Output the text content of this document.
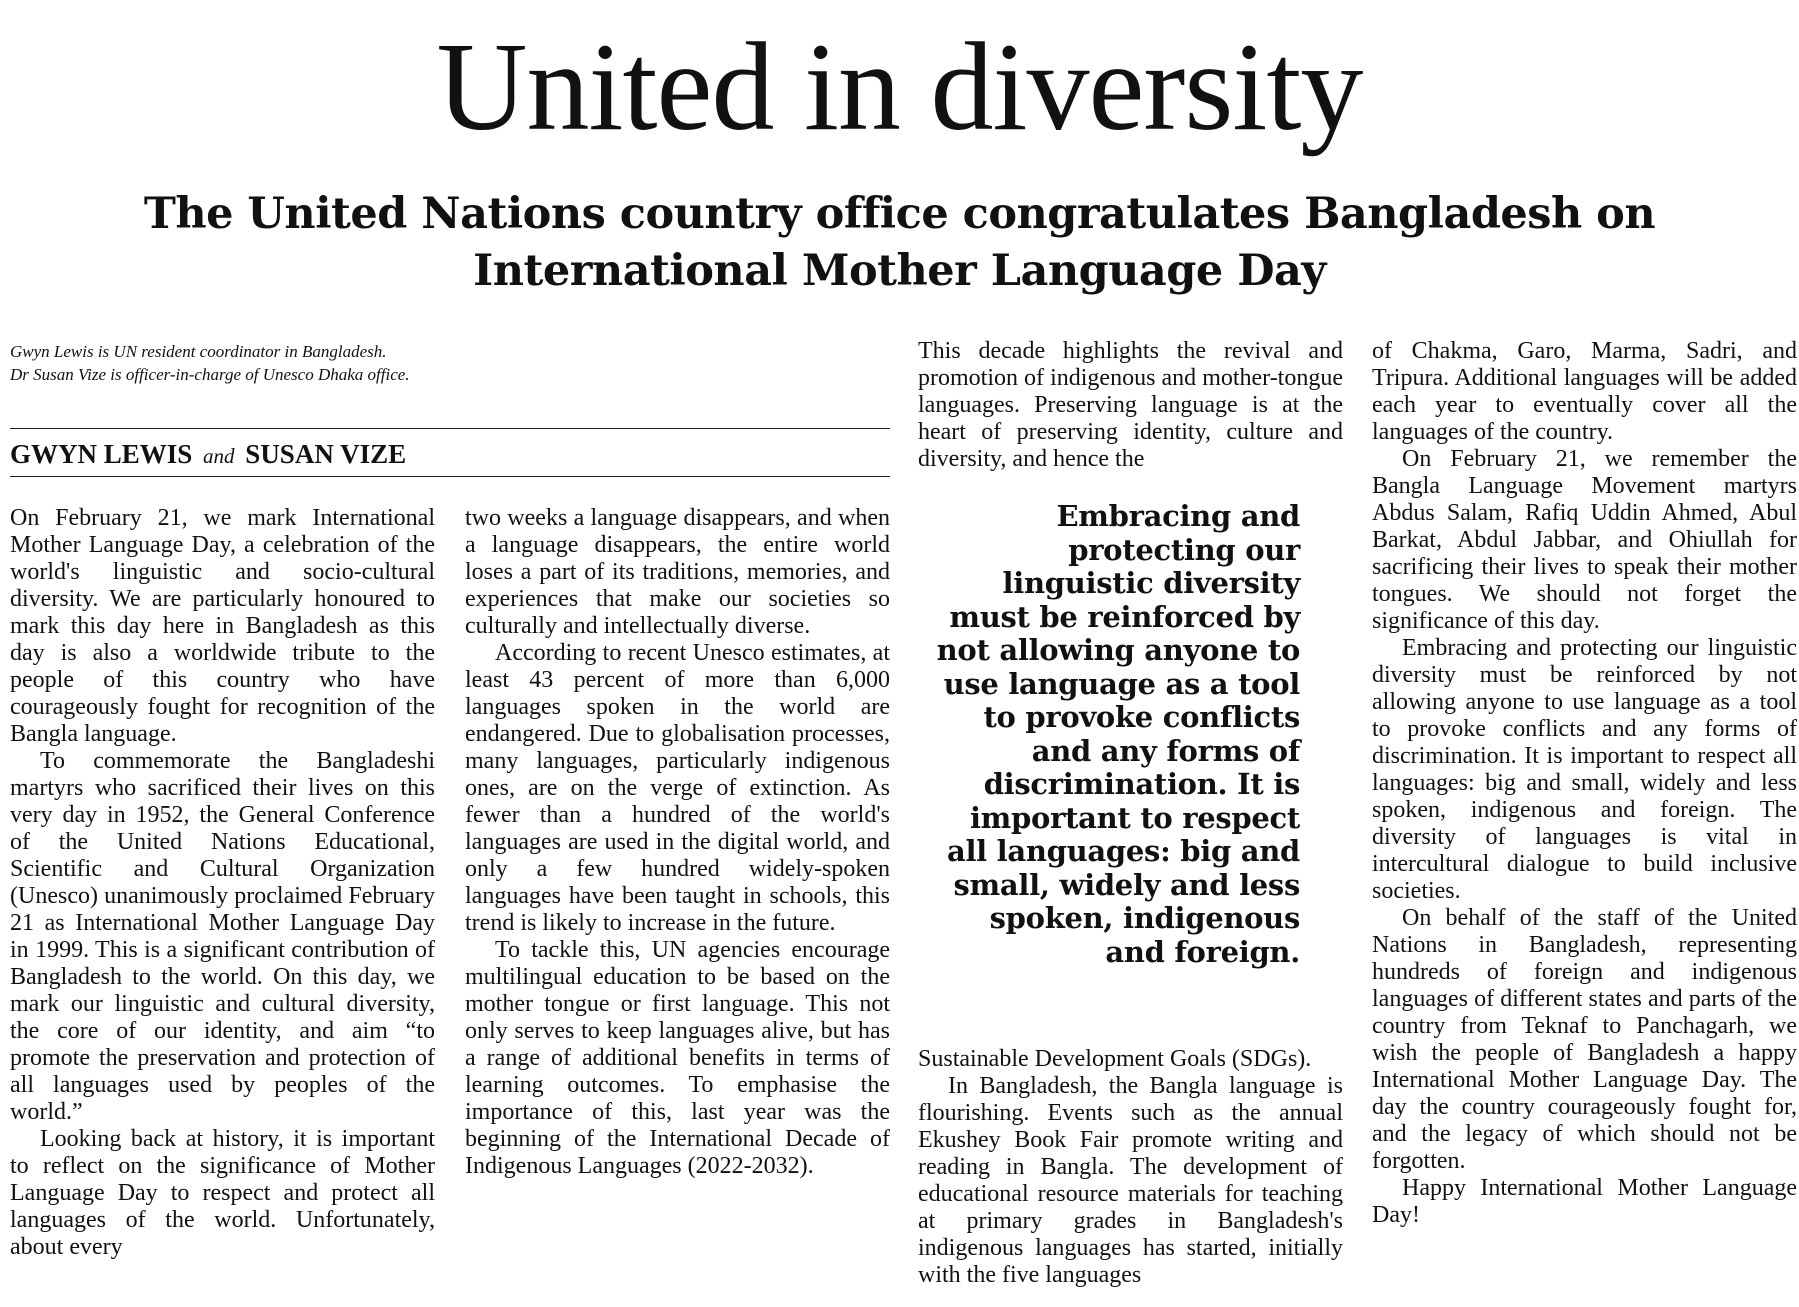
United in diversity
The United Nations country office congratulates Bangladesh on International Mother Language Day
Gwyn Lewis is UN resident coordinator in Bangladesh.
Dr Susan Vize is officer-in-charge of Unesco Dhaka office.
GWYN LEWIS and SUSAN VIZE

On February 21, we mark International Mother Language Day, a celebration of the world's linguistic and socio-cultural diversity. We are particularly honoured to mark this day here in Bangladesh as this day is also a worldwide tribute to the people of this country who have courageously fought for recognition of the Bangla language.

To commemorate the Bangladeshi martyrs who sacrificed their lives on this very day in 1952, the General Conference of the United Nations Educational, Scientific and Cultural Organization (Unesco) unanimously proclaimed February 21 as International Mother Language Day in 1999. This is a significant contribution of Bangladesh to the world. On this day, we mark our linguistic and cultural diversity, the core of our identity, and aim “to promote the preservation and protection of all languages used by peoples of the world.”

Looking back at history, it is important to reflect on the significance of Mother Language Day to respect and protect all languages of the world. Unfortunately, about every

two weeks a language disappears, and when a language disappears, the entire world loses a part of its traditions, memories, and experiences that make our societies so culturally and intellectually diverse.

According to recent Unesco estimates, at least 43 percent of more than 6,000 languages spoken in the world are endangered. Due to globalisation processes, many languages, particularly indigenous ones, are on the verge of extinction. As fewer than a hundred of the world's languages are used in the digital world, and only a few hundred widely-spoken languages have been taught in schools, this trend is likely to increase in the future.

To tackle this, UN agencies encourage multilingual education to be based on the mother tongue or first language. This not only serves to keep languages alive, but has a range of additional benefits in terms of learning outcomes. To emphasise the importance of this, last year was the beginning of the International Decade of Indigenous Languages (2022-2032).

This decade highlights the revival and promotion of indigenous and mother-tongue languages. Preserving language is at the heart of preserving identity, culture and diversity, and hence the

Embracing and protecting our linguistic diversity must be reinforced by not allowing anyone to use language as a tool to provoke conflicts and any forms of discrimination. It is important to respect all languages: big and small, widely and less spoken, indigenous and foreign.

Sustainable Development Goals (SDGs).

In Bangladesh, the Bangla language is flourishing. Events such as the annual Ekushey Book Fair promote writing and reading in Bangla. The development of educational resource materials for teaching at primary grades in Bangladesh's indigenous languages has started, initially with the five languages

of Chakma, Garo, Marma, Sadri, and Tripura. Additional languages will be added each year to eventually cover all the languages of the country.

On February 21, we remember the Bangla Language Movement martyrs Abdus Salam, Rafiq Uddin Ahmed, Abul Barkat, Abdul Jabbar, and Ohiullah for sacrificing their lives to speak their mother tongues. We should not forget the significance of this day.

Embracing and protecting our linguistic diversity must be reinforced by not allowing anyone to use language as a tool to provoke conflicts and any forms of discrimination. It is important to respect all languages: big and small, widely and less spoken, indigenous and foreign. The diversity of languages is vital in intercultural dialogue to build inclusive societies.

On behalf of the staff of the United Nations in Bangladesh, representing hundreds of foreign and indigenous languages of different states and parts of the country from Teknaf to Panchagarh, we wish the people of Bangladesh a happy International Mother Language Day. The day the country courageously fought for, and the legacy of which should not be forgotten.

Happy International Mother Language Day!
